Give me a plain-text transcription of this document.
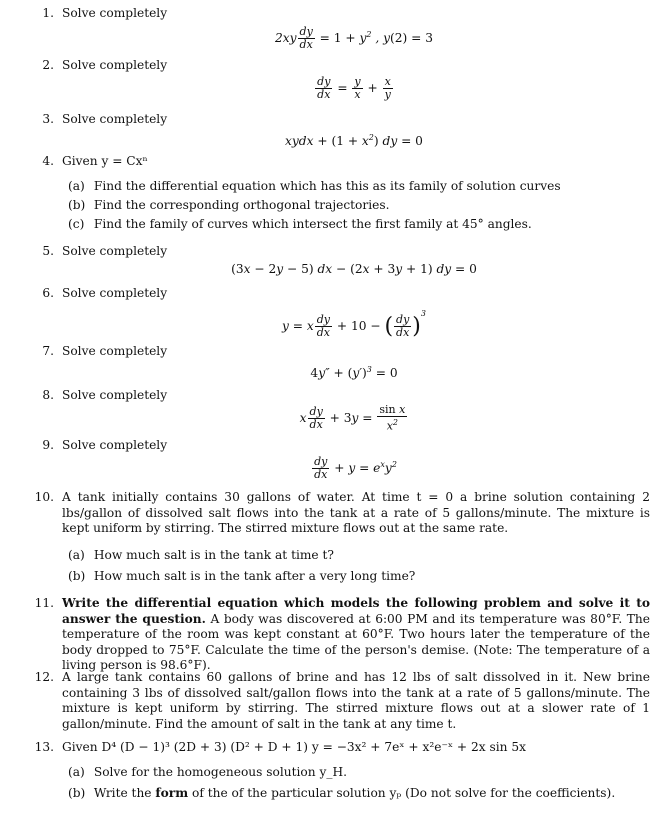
1. Solve completely
$2xy \frac{dy}{dx} = 1 + y^2$ , y(2) = 3
2. Solve completely
$\frac{dy}{dx} = \frac{y}{x} + \frac{x}{y}$
3. Solve completely
xydx + $(1 + x^2)$ dy = 0
4. Given y = Cxⁿ
(a) Find the differential equation which has this as its family of solution curves
(b) Find the corresponding orthogonal trajectories.
(c) Find the family of curves which intersect the first family at 45° angles.
5. Solve completely
(3x − 2y − 5) dx − (2x + 3y + 1) dy = 0
6. Solve completely
y = x $\frac{dy}{dx} + 10$ − ( $\frac{dy}{dx} )^3$
7. Solve completely
$4y'' + (y')^3 = 0$
8. Solve completely
x $\frac{dy}{dx} + 3y = \frac{\text{sin x}}{x^2}$
9. Solve completely
$\frac{dy}{dx} + y = e^xy^2$
10. A tank initially contains 30 gallons of water. At time t = 0 a brine solution containing 2 lbs/gallon of dissolved salt flows into the tank at a rate of 5 gallons/minute. The mixture is kept uniform by stirring. The stirred mixture flows out at the same rate.
(a) How much salt is in the tank at time t?
(b) How much salt is in the tank after a very long time?
11. Write the differential equation which models the following problem and solve it to answer the question. A body was discovered at 6:00 PM and its temperature was 80°F. The temperature of the room was kept constant at 60°F. Two hours later the temperature of the body dropped to 75°F. Calculate the time of the person's demise. (Note: The temperature of a living person is 98.6°F).
12. A large tank contains 60 gallons of brine and has 12 lbs of salt dissolved in it. New brine containing 3 lbs of dissolved salt/gallon flows into the tank at a rate of 5 gallons/minute. The mixture is kept uniform by stirring. The stirred mixture flows out at a slower rate of 1 gallon/minute. Find the amount of salt in the tank at any time t.
13. Given D⁴ (D − 1)³ (2D + 3) (D² + D + 1) y = −3x² + 7eˣ + x²e⁻ˣ + 2x sin 5x
(a) Solve for the homogeneous solution y_H.
(b) Write the form of the of the particular solution yₚ (Do not solve for the coefficients).
